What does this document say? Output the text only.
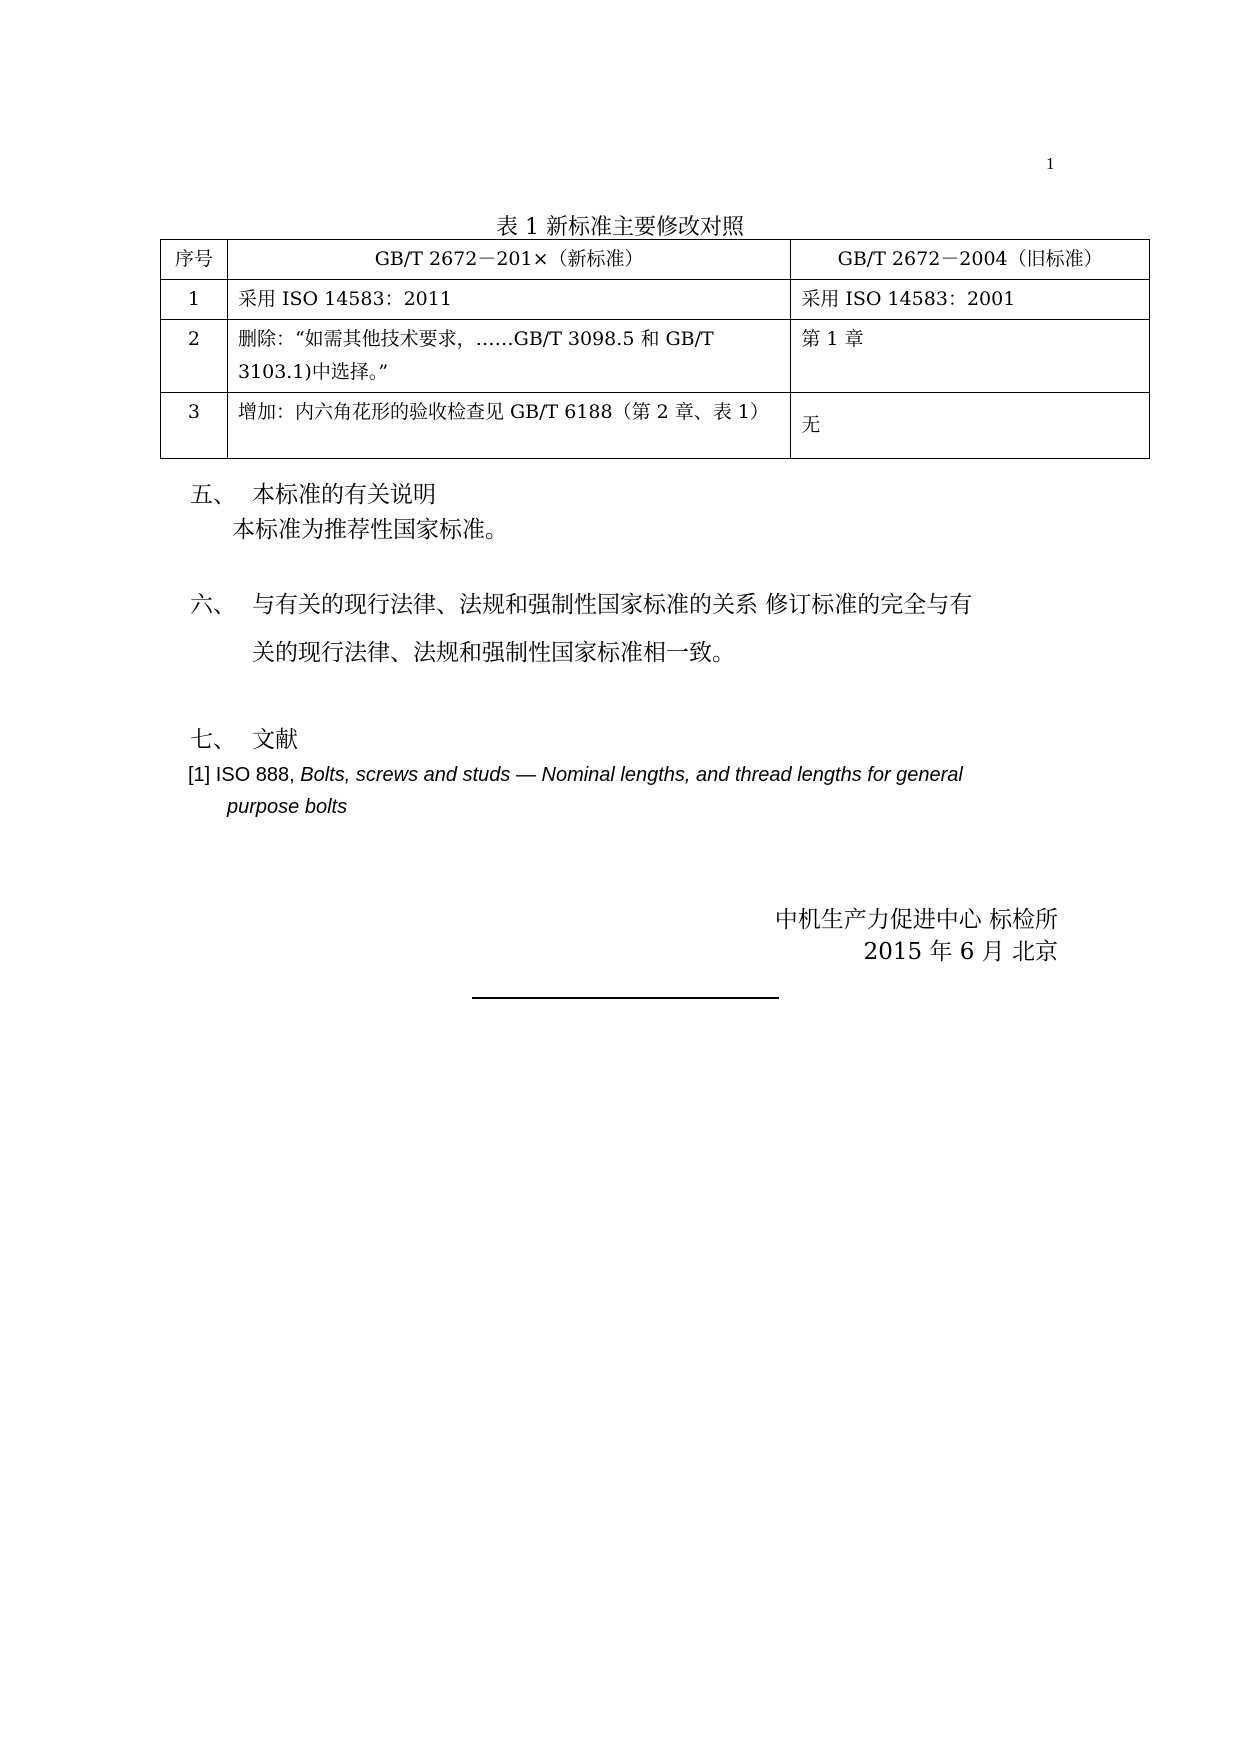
1
表 1 新标准主要修改对照
序号	GB/T 2672－201×（新标准）	GB/T 2672－2004（旧标准）
1	采用 ISO 14583：2011	采用 ISO 14583：2001
2	删除：“如需其他技术要求，……GB/T 3098.5 和 GB/T 3103.1)中选择。”	第 1 章
3	增加：内六角花形的验收检查见 GB/T 6188（第 2 章、表 1）	无
五、 本标准的有关说明
本标准为推荐性国家标准。
六、 与有关的现行法律、法规和强制性国家标准的关系 修订标准的完全与有
关的现行法律、法规和强制性国家标准相一致。
七、 文献
[1] ISO 888, Bolts, screws and studs — Nominal lengths, and thread lengths for general
purpose bolts
中机生产力促进中心 标检所
2015 年 6 月 北京
